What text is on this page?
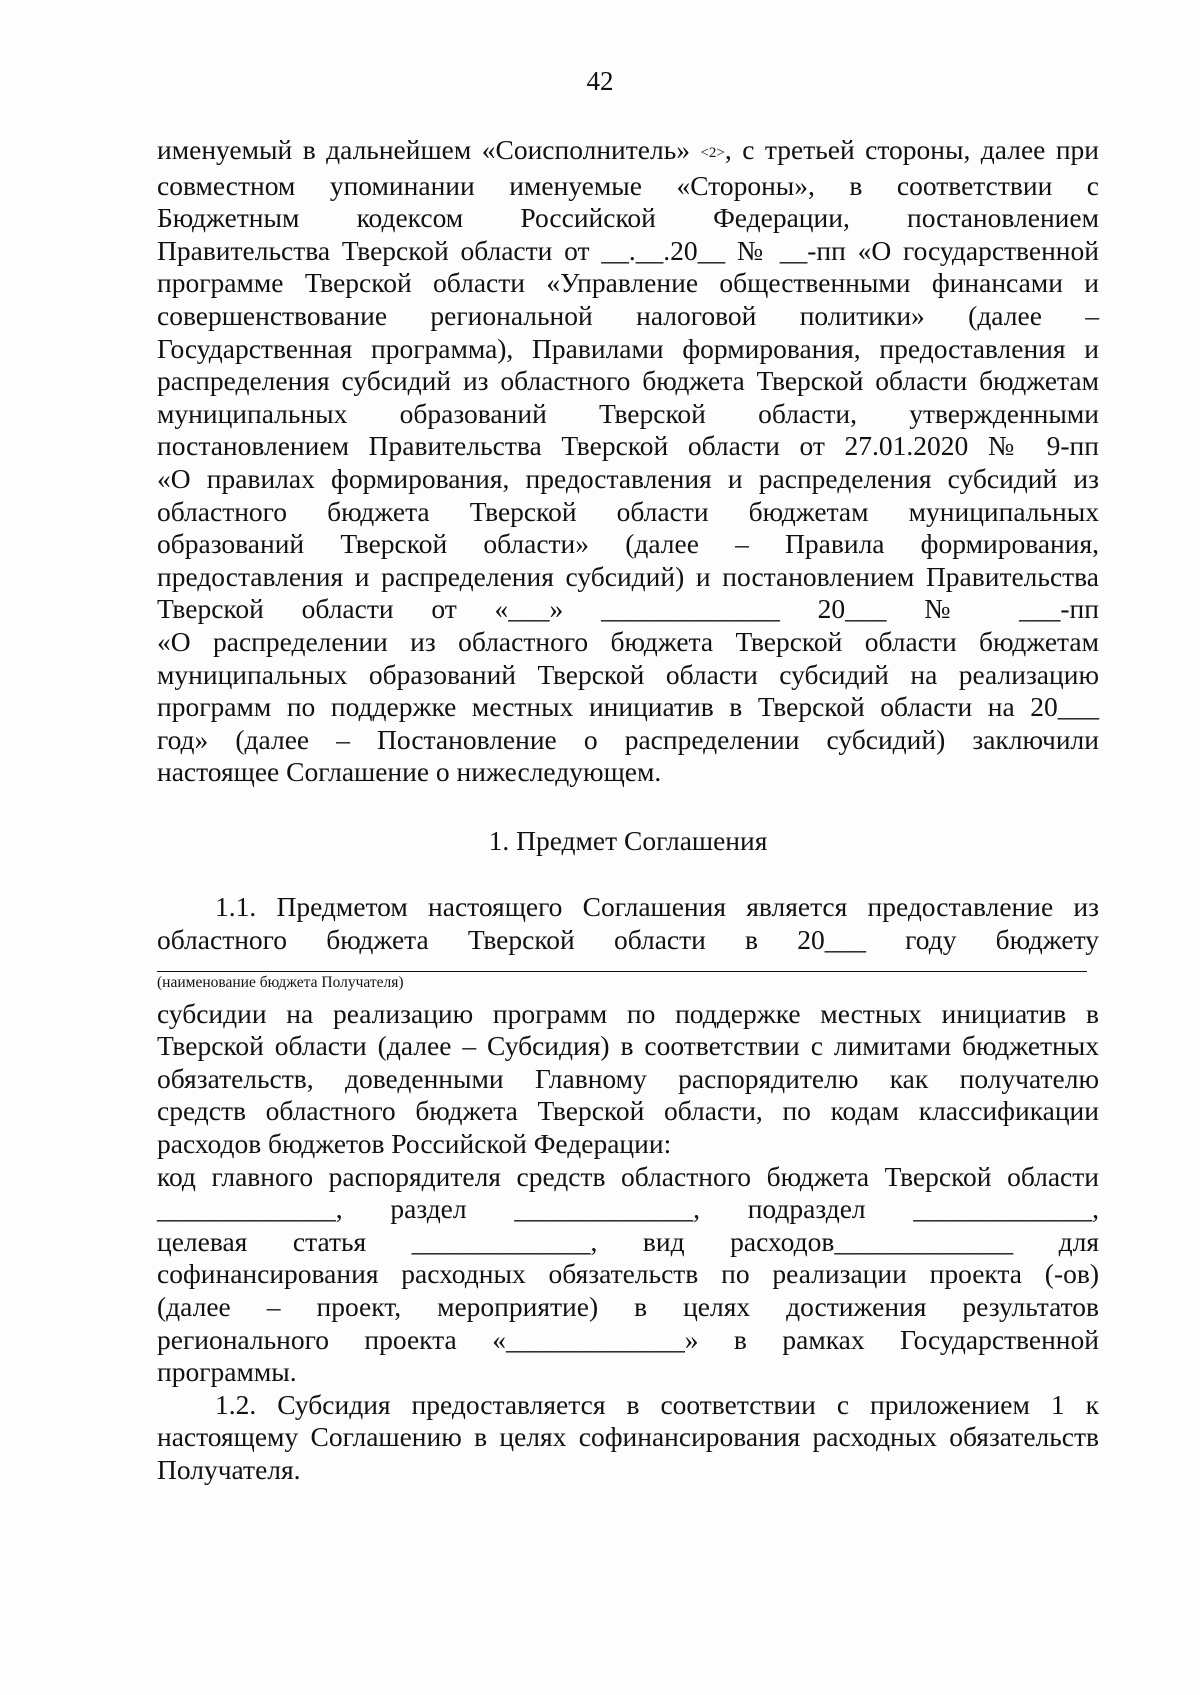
42

именуемый в дальнейшем «Соисполнитель» <2>, с третьей стороны, далее при
совместном упоминании именуемые «Стороны», в соответствии с
Бюджетным кодексом Российской Федерации, постановлением
Правительства Тверской области от __.__.20__ № __-пп «О государственной
программе Тверской области «Управление общественными финансами и
совершенствование региональной налоговой политики» (далее –
Государственная программа), Правилами формирования, предоставления и
распределения субсидий из областного бюджета Тверской области бюджетам
муниципальных образований Тверской области, утвержденными
постановлением Правительства Тверской области от 27.01.2020 № 9-пп
«О правилах формирования, предоставления и распределения субсидий из
областного бюджета Тверской области бюджетам муниципальных
образований Тверской области» (далее – Правила формирования,
предоставления и распределения субсидий) и постановлением Правительства
Тверской области от «___» _____________ 20___ № ___-пп
«О распределении из областного бюджета Тверской области бюджетам
муниципальных образований Тверской области субсидий на реализацию
программ по поддержке местных инициатив в Тверской области на 20___
год» (далее – Постановление о распределении субсидий) заключили
настоящее Соглашение о нижеследующем.

1. Предмет Соглашения

1.1. Предметом настоящего Соглашения является предоставление из
областного бюджета Тверской области в 20___ году бюджету
(наименование бюджета Получателя)
субсидии на реализацию программ по поддержке местных инициатив в
Тверской области (далее – Субсидия) в соответствии с лимитами бюджетных
обязательств, доведенными Главному распорядителю как получателю
средств областного бюджета Тверской области, по кодам классификации
расходов бюджетов Российской Федерации:
код главного распорядителя средств областного бюджета Тверской области
_____________, раздел _____________, подраздел _____________,
целевая статья _____________, вид расходов_____________ для
софинансирования расходных обязательств по реализации проекта (-ов)
(далее – проект, мероприятие) в целях достижения результатов
регионального проекта «_____________» в рамках Государственной
программы.

1.2. Субсидия предоставляется в соответствии с приложением 1 к
настоящему Соглашению в целях софинансирования расходных обязательств
Получателя.
